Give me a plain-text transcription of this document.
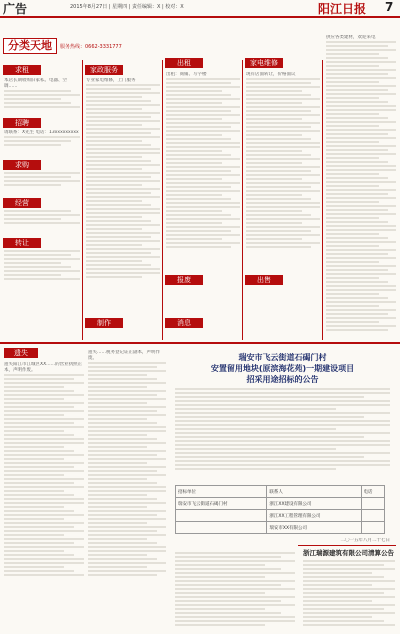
广告	2015年8月27日 | 星期四 | 责任编辑：X | 校对：X	阳江日报 7
分类天地	服务热线：0662-3331777
求租
招聘
家政服务
出租	家电维修
求购
经营
转让
报废	出售
制作	消息
本店长期收购旧家私、电器、空调……
请联系：X先生 电话：13xxxxxxxxx
专业家电维修，上门服务
出租：商铺、写字楼	现有店面转让，价格面议
供应各类建材，欢迎来电
遗失
遗失阳江市江城区XX……的营业执照正本，声明作废。
遗失……税务登记证正副本，声明作废。	瑞安市飞云街道石碣门村
安置留用地块(原滨海花苑)一期建设项目
招采用途招标的公告
招标单位	联系人	电话
瑞安市飞云街道石碣门村	浙江XX建设有限公司	
	浙江XX工程管理有限公司	
	瑞安市XX有限公司	
二〇一五年八月二十七日
浙江瑞源建筑有限公司清算公告
